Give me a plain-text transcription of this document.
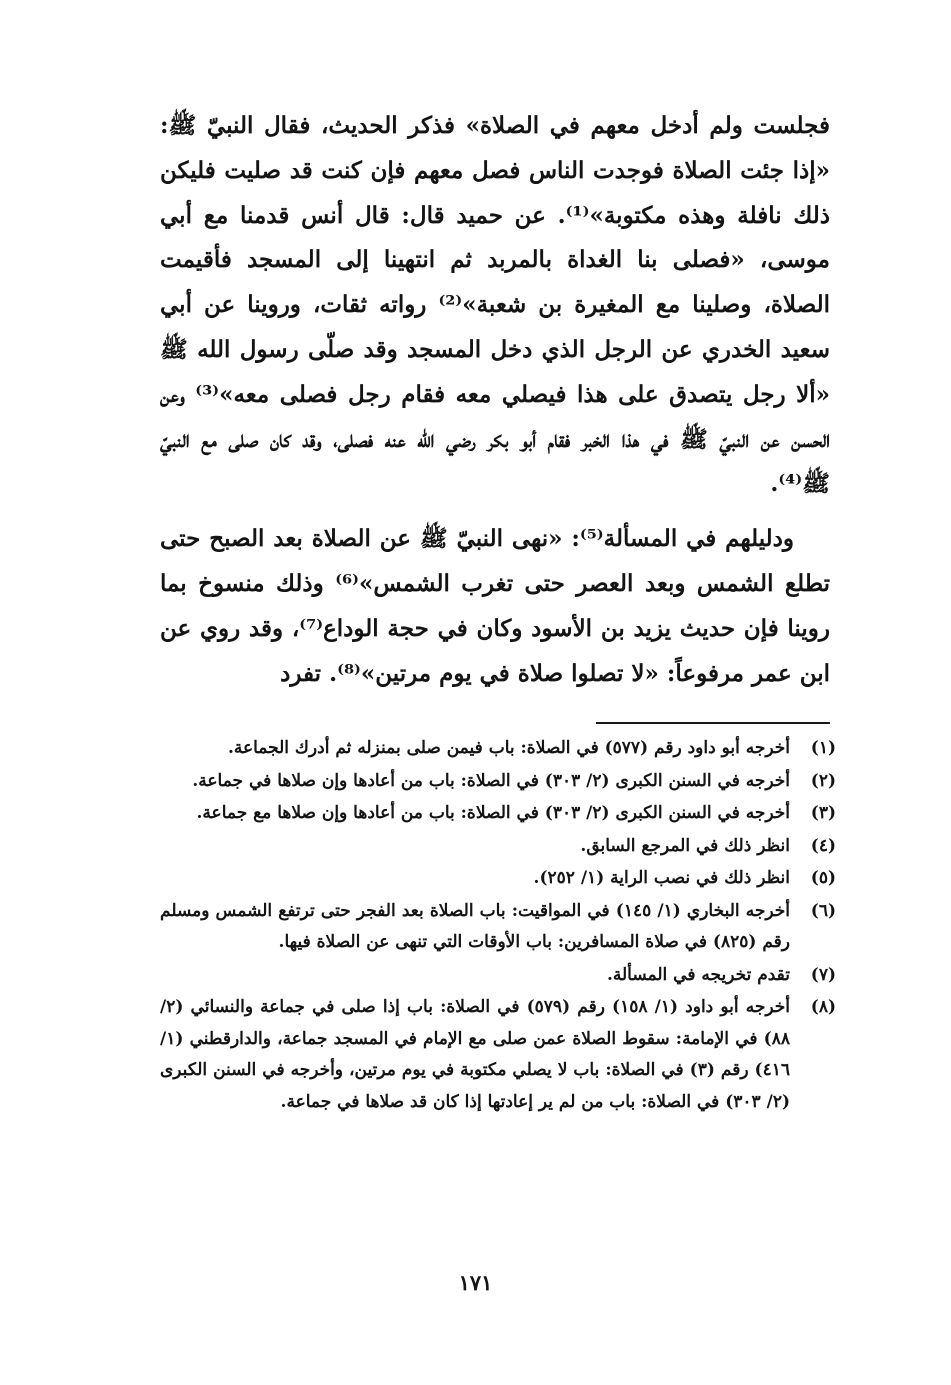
فجلست ولم أدخل معهم في الصلاة» فذكر الحديث، فقال النبيّ ﷺ: «إذا جئت الصلاة فوجدت الناس فصل معهم فإن كنت قد صليت فليكن ذلك نافلة وهذه مكتوبة»⁽¹⁾. عن حميد قال: قال أنس قدمنا مع أبي موسى، «فصلى بنا الغداة بالمربد ثم انتهينا إلى المسجد فأقيمت الصلاة، وصلينا مع المغيرة بن شعبة»⁽²⁾ رواته ثقات، وروينا عن أبي سعيد الخدري عن الرجل الذي دخل المسجد وقد صلّى رسول الله ﷺ «ألا رجل يتصدق على هذا فيصلي معه فقام رجل فصلى معه»⁽³⁾ وعن الحسن عن النبيّ ﷺ في هذا الخبر فقام أبو بكر رضي الله عنه فصلى، وقد كان صلى مع النبيّ ﷺ⁽⁴⁾.

ودليلهم في المسألة⁽⁵⁾: «نهى النبيّ ﷺ عن الصلاة بعد الصبح حتى تطلع الشمس وبعد العصر حتى تغرب الشمس»⁽⁶⁾ وذلك منسوخ بما روينا فإن حديث يزيد بن الأسود وكان في حجة الوداع⁽⁷⁾، وقد روي عن ابن عمر مرفوعاً: «لا تصلوا صلاة في يوم مرتين»⁽⁸⁾. تفرد

(١)
أخرجه أبو داود رقم (٥٧٧) في الصلاة: باب فيمن صلى بمنزله ثم أدرك الجماعة.
(٢)
أخرجه في السنن الكبرى (٢/ ٣٠٣) في الصلاة: باب من أعادها وإن صلاها في جماعة.
(٣)
أخرجه في السنن الكبرى (٢/ ٣٠٣) في الصلاة: باب من أعادها وإن صلاها مع جماعة.
(٤)
انظر ذلك في المرجع السابق.
(٥)
انظر ذلك في نصب الراية (١/ ٢٥٢).
(٦)
أخرجه البخاري (١/ ١٤٥) في المواقيت: باب الصلاة بعد الفجر حتى ترتفع الشمس ومسلم رقم (٨٢٥) في صلاة المسافرين: باب الأوقات التي تنهى عن الصلاة فيها.
(٧)
تقدم تخريجه في المسألة.
(٨)
أخرجه أبو داود (١/ ١٥٨) رقم (٥٧٩) في الصلاة: باب إذا صلى في جماعة والنسائي (٢/ ٨٨) في الإمامة: سقوط الصلاة عمن صلى مع الإمام في المسجد جماعة، والدارقطني (١/ ٤١٦) رقم (٣) في الصلاة: باب لا يصلي مكتوبة في يوم مرتين، وأخرجه في السنن الكبرى (٢/ ٣٠٣) في الصلاة: باب من لم ير إعادتها إذا كان قد صلاها في جماعة.
١٧١
